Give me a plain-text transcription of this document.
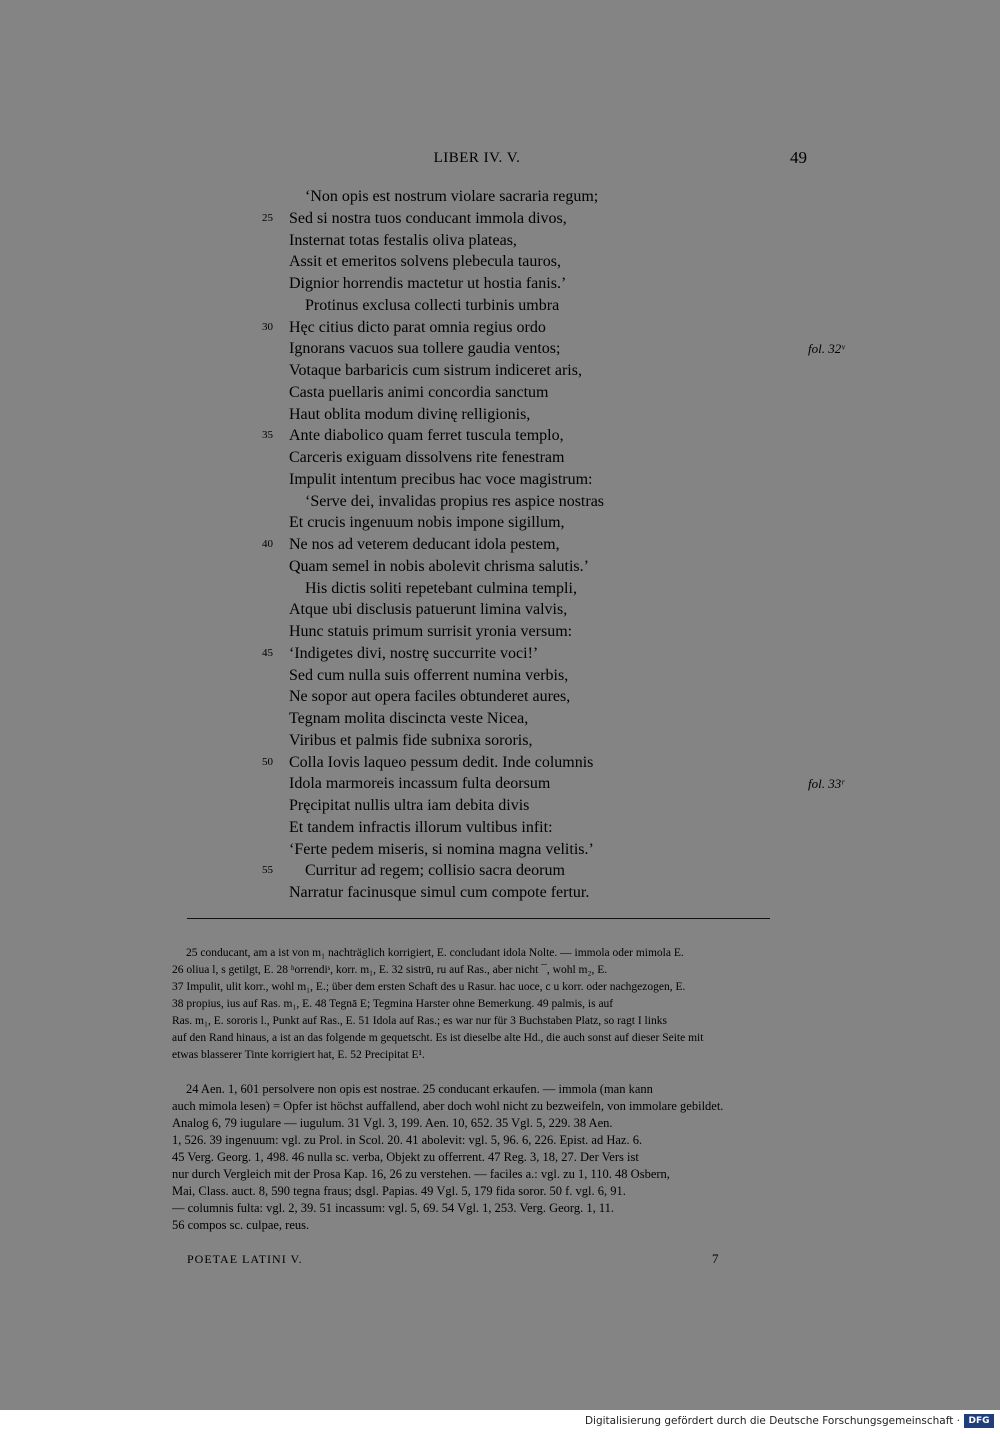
LIBER IV. V.	49
‘Non opis est nostrum violare sacraria regum;
25	Sed si nostra tuos conducant immola divos,
Insternat totas festalis oliva plateas,
Assit et emeritos solvens plebecula tauros,
Dignior horrendis mactetur ut hostia fanis.’
Protinus exclusa collecti turbinis umbra
30	Hęc citius dicto parat omnia regius ordo
Ignorans vacuos sua tollere gaudia ventos;	fol. 32ᵛ
Votaque barbaricis cum sistrum indiceret aris,
Casta puellaris animi concordia sanctum
Haut oblita modum divinę relligionis,
35	Ante diabolico quam ferret tuscula templo,
Carceris exiguam dissolvens rite fenestram
Impulit intentum precibus hac voce magistrum:
‘Serve dei, invalidas propius res aspice nostras
Et crucis ingenuum nobis impone sigillum,
40	Ne nos ad veterem deducant idola pestem,
Quam semel in nobis abolevit chrisma salutis.’
His dictis soliti repetebant culmina templi,
Atque ubi disclusis patuerunt limina valvis,
Hunc statuis primum surrisit yronia versum:
45	‘Indigetes divi, nostrę succurrite voci!’
Sed cum nulla suis offerrent numina verbis,
Ne sopor aut opera faciles obtunderet aures,
Tegnam molita discincta veste Nicea,
Viribus et palmis fide subnixa sororis,
50	Colla Iovis laqueo pessum dedit. Inde columnis
Idola marmoreis incassum fulta deorsum	fol. 33ʳ
Pręcipitat nullis ultra iam debita divis
Et tandem infractis illorum vultibus infit:
‘Ferte pedem miseris, si nomina magna velitis.’
55	Curritur ad regem; collisio sacra deorum
Narratur facinusque simul cum compote fertur.
25 conducant, am a ist von m₁ nachträglich korrigiert, E. concludant idola Nolte. — immola oder mimola E.
26 oliua l, s getilgt, E. 28 ʰorrendiˢ, korr. m₁, E. 32 sistrū, ru auf Ras., aber nicht ¯, wohl m₂, E.
37 Impulit, ulit korr., wohl m₁, E.; über dem ersten Schaft des u Rasur. hac uoce, c u korr. oder nachgezogen, E.
38 propius, ius auf Ras. m₁, E. 48 Tegnā E; Tegmina Harster ohne Bemerkung. 49 palmis, is auf
Ras. m₁, E. sororis l., Punkt auf Ras., E. 51 Idola auf Ras.; es war nur für 3 Buchstaben Platz, so ragt I links
auf den Rand hinaus, a ist an das folgende m gequetscht. Es ist dieselbe alte Hd., die auch sonst auf dieser Seite mit
etwas blasserer Tinte korrigiert hat, E. 52 Precipitat E¹.
24 Aen. 1, 601 persolvere non opis est nostrae. 25 conducant erkaufen. — immola (man kann
auch mimola lesen) = Opfer ist höchst auffallend, aber doch wohl nicht zu bezweifeln, von immolare gebildet.
Analog 6, 79 iugulare — iugulum. 31 Vgl. 3, 199. Aen. 10, 652. 35 Vgl. 5, 229. 38 Aen.
1, 526. 39 ingenuum: vgl. zu Prol. in Scol. 20. 41 abolevit: vgl. 5, 96. 6, 226. Epist. ad Haz. 6.
45 Verg. Georg. 1, 498. 46 nulla sc. verba, Objekt zu offerrent. 47 Reg. 3, 18, 27. Der Vers ist
nur durch Vergleich mit der Prosa Kap. 16, 26 zu verstehen. — faciles a.: vgl. zu 1, 110. 48 Osbern,
Mai, Class. auct. 8, 590 tegna fraus; dsgl. Papias. 49 Vgl. 5, 179 fida soror. 50 f. vgl. 6, 91.
— columnis fulta: vgl. 2, 39. 51 incassum: vgl. 5, 69. 54 Vgl. 1, 253. Verg. Georg. 1, 11.
56 compos sc. culpae, reus.
POETAE LATINI V.	7
Digitalisierung gefördert durch die Deutsche Forschungsgemeinschaft · DFG
